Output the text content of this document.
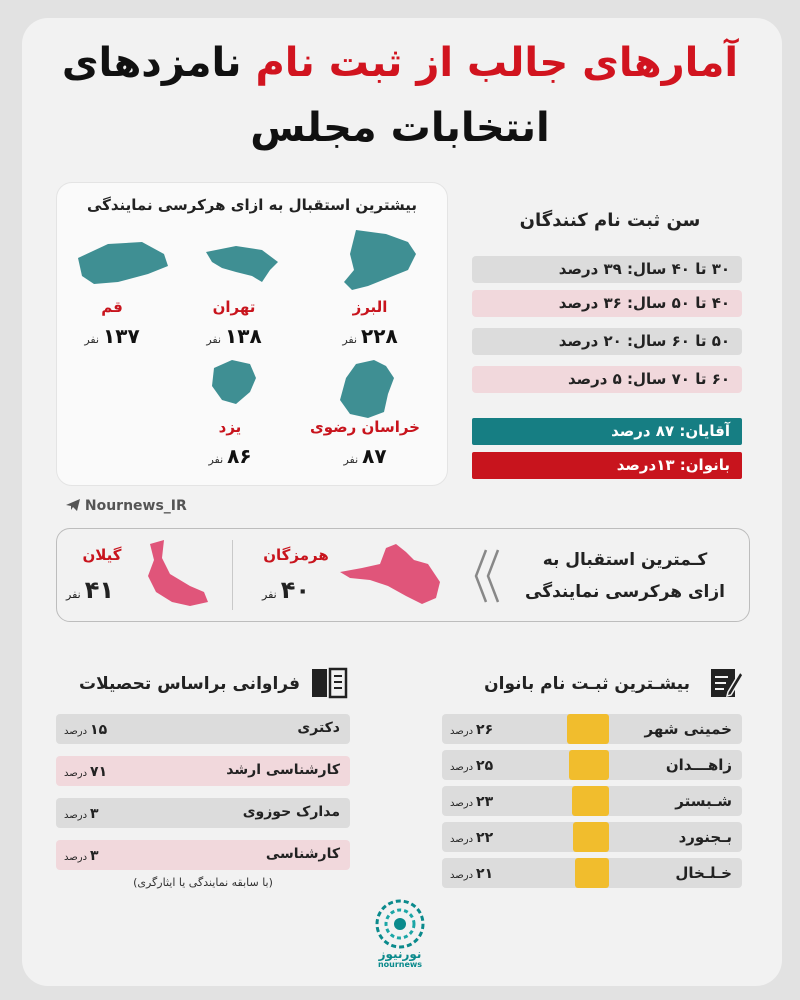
آمارهای جالب از ثبت نام نامزدهای
انتخابات مجلس
بیشترین استقبال به ازای هرکرسی نمایندگی
البرز
۲۲۸نفر
تهران
۱۳۸نفر
قم
۱۳۷نفر
خراسان رضوی
۸۷نفر
یزد
۸۶نفر
سن ثبت نام کنندگان
۳۰ تا ۴۰ سال: ۳۹ درصد
۴۰ تا ۵۰ سال: ۳۶ درصد
۵۰ تا ۶۰ سال: ۲۰ درصد
۶۰ تا ۷۰ سال: ۵ درصد
آقایان: ۸۷ درصد
بانوان: ۱۳درصد
Nournews_IR
کـمترین استقبال به
ازای هرکرسی نمایندگی
هرمزگان
۴۰نفر
گیلان
۴۱نفر
فراوانی براساس تحصیلات
دکتری
۱۵درصد
کارشناسی ارشد
۷۱درصد
مدارک حوزوی
۳درصد
کارشناسی
۳درصد
(با سابقه نمایندگی یا ایثارگری)
بیشـترین ثبـت نام بانوان
خمینی شهر
۲۶درصد
زاهـــدان
۲۵درصد
شـبستر
۲۳درصد
بـجنورد
۲۲درصد
خـلـخال
۲۱درصد
نورنیوز
nournews
